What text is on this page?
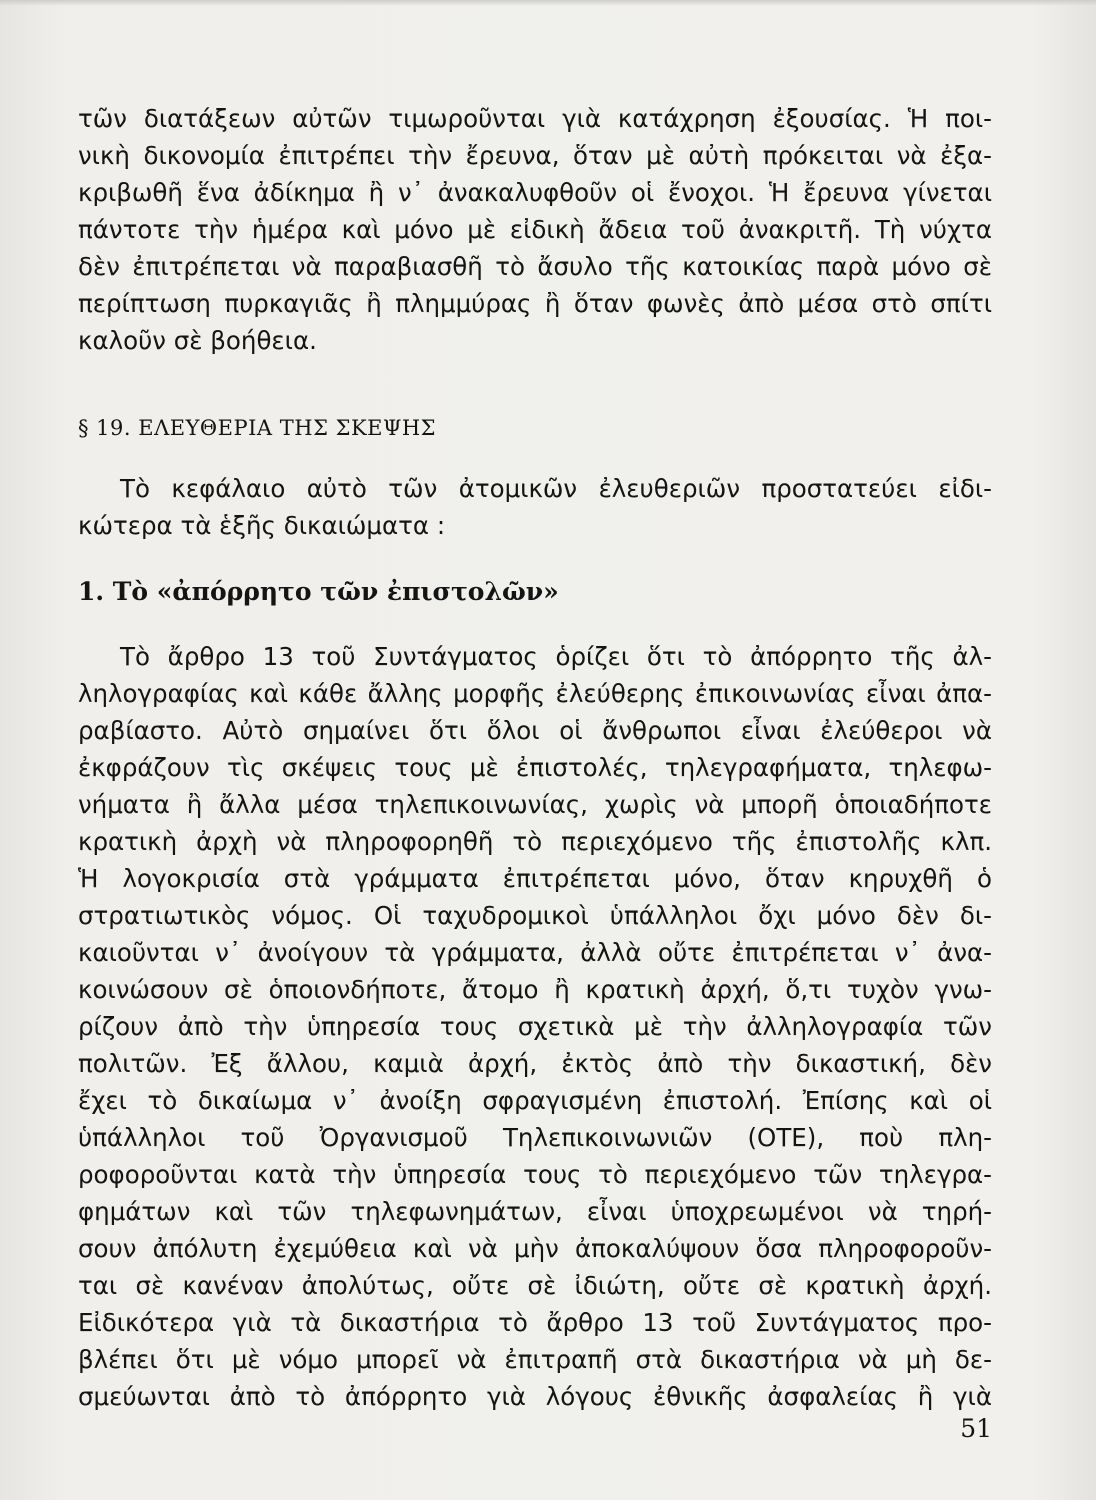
τῶν διατάξεων αὐτῶν τιμωροῦνται γιὰ κατάχρηση ἐξουσίας. Ἡ ποι-
νικὴ δικονομία ἐπιτρέπει τὴν ἔρευνα, ὅταν μὲ αὐτὴ πρόκειται νὰ ἐξα-
κριβωθῆ ἕνα ἀδίκημα ἢ ν᾿ ἀνακαλυφθοῦν οἱ ἔνοχοι. Ἡ ἔρευνα γίνεται
πάντοτε τὴν ἡμέρα καὶ μόνο μὲ εἰδικὴ ἄδεια τοῦ ἀνακριτῆ. Τὴ νύχτα
δὲν ἐπιτρέπεται νὰ παραβιασθῆ τὸ ἄσυλο τῆς κατοικίας παρὰ μόνο σὲ
περίπτωση πυρκαγιᾶς ἢ πλημμύρας ἢ ὅταν φωνὲς ἀπὸ μέσα στὸ σπίτι
καλοῦν σὲ βοήθεια.
§ 19. ΕΛΕΥΘΕΡΙΑ ΤΗΣ ΣΚΕΨΗΣ
Τὸ κεφάλαιο αὐτὸ τῶν ἀτομικῶν ἐλευθεριῶν προστατεύει εἰδι-
κώτερα τὰ ἑξῆς δικαιώματα :
1. Τὸ «ἀπόρρητο τῶν ἐπιστολῶν»
Τὸ ἄρθρο 13 τοῦ Συντάγματος ὁρίζει ὅτι τὸ ἀπόρρητο τῆς ἀλ-
ληλογραφίας καὶ κάθε ἄλλης μορφῆς ἐλεύθερης ἐπικοινωνίας εἶναι ἀπα-
ραβίαστο. Αὐτὸ σημαίνει ὅτι ὅλοι οἱ ἄνθρωποι εἶναι ἐλεύθεροι νὰ
ἐκφράζουν τὶς σκέψεις τους μὲ ἐπιστολές, τηλεγραφήματα, τηλεφω-
νήματα ἢ ἄλλα μέσα τηλεπικοινωνίας, χωρὶς νὰ μπορῆ ὁποιαδήποτε
κρατικὴ ἀρχὴ νὰ πληροφορηθῆ τὸ περιεχόμενο τῆς ἐπιστολῆς κλπ.
Ἡ λογοκρισία στὰ γράμματα ἐπιτρέπεται μόνο, ὅταν κηρυχθῆ ὁ
στρατιωτικὸς νόμος. Οἱ ταχυδρομικοὶ ὑπάλληλοι ὄχι μόνο δὲν δι-
καιοῦνται ν᾿ ἀνοίγουν τὰ γράμματα, ἀλλὰ οὔτε ἐπιτρέπεται ν᾿ ἀνα-
κοινώσουν σὲ ὁποιονδήποτε, ἄτομο ἢ κρατικὴ ἀρχή, ὅ,τι τυχὸν γνω-
ρίζουν ἀπὸ τὴν ὑπηρεσία τους σχετικὰ μὲ τὴν ἀλληλογραφία τῶν
πολιτῶν. Ἐξ ἄλλου, καμιὰ ἀρχή, ἐκτὸς ἀπὸ τὴν δικαστική, δὲν
ἔχει τὸ δικαίωμα ν᾿ ἀνοίξη σφραγισμένη ἐπιστολή. Ἐπίσης καὶ οἱ
ὑπάλληλοι τοῦ Ὀργανισμοῦ Τηλεπικοινωνιῶν (ΟΤΕ), ποὺ πλη-
ροφοροῦνται κατὰ τὴν ὑπηρεσία τους τὸ περιεχόμενο τῶν τηλεγρα-
φημάτων καὶ τῶν τηλεφωνημάτων, εἶναι ὑποχρεωμένοι νὰ τηρή-
σουν ἀπόλυτη ἐχεμύθεια καὶ νὰ μὴν ἀποκαλύψουν ὅσα πληροφοροῦν-
ται σὲ κανέναν ἀπολύτως, οὔτε σὲ ἰδιώτη, οὔτε σὲ κρατικὴ ἀρχή.
Εἰδικότερα γιὰ τὰ δικαστήρια τὸ ἄρθρο 13 τοῦ Συντάγματος προ-
βλέπει ὅτι μὲ νόμο μπορεῖ νὰ ἐπιτραπῆ στὰ δικαστήρια νὰ μὴ δε-
σμεύωνται ἀπὸ τὸ ἀπόρρητο γιὰ λόγους ἐθνικῆς ἀσφαλείας ἢ γιὰ
51
